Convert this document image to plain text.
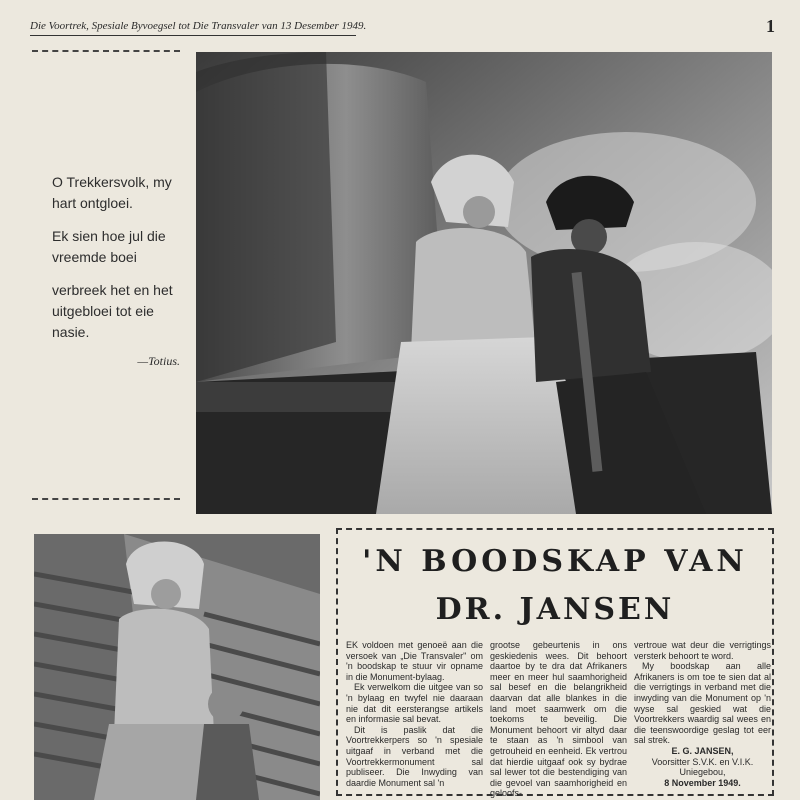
Die Voortrek, Spesiale Byvoegsel tot Die Transvaler van 13 Desember 1949.	1
O Trekkersvolk, my
hart ontgloei.
Ek sien hoe jul die
vreemde boei
verbreek het en het
uitgebloei tot eie
nasie.
—Totius.
'N BOODSKAP VAN
DR. JANSEN

EK voldoen met genoeë aan die versoek van „Die Transvaler" om 'n boodskap te stuur vir opname in die Monument-bylaag.

Ek verwelkom die uitgee van so 'n bylaag en twyfel nie daaraan nie dat dit eersterangse artikels en informasie sal bevat.

Dit is paslik dat die Voortrekkerpers so 'n spesiale uitgaaf in verband met die Voortrekkermonument sal publiseer. Die Inwyding van daardie Monument sal 'n

grootse gebeurtenis in ons geskiedenis wees. Dit behoort daartoe by te dra dat Afrikaners meer en meer hul saamhorigheid sal besef en die belangrikheid daarvan dat alle blankes in die land moet saamwerk om die toekoms te beveilig. Die Monument behoort vir altyd daar te staan as 'n simbool van getrouheid en eenheid. Ek vertrou dat hierdie uitgaaf ook sy bydrae sal lewer tot die bestendiging van die gevoel van saamhorigheid en geloofs-

vertroue wat deur die verrigtings versterk behoort te word.

My boodskap aan alle Afrikaners is om toe te sien dat al die verrigtings in verband met die inwyding van die Monument op 'n wyse sal geskied wat die Voortrekkers waardig sal wees en die teenswoordige geslag tot eer sal strek.

E. G. JANSEN,
Voorsitter S.V.K. en V.I.K.
Uniegebou,
8 November 1949.
